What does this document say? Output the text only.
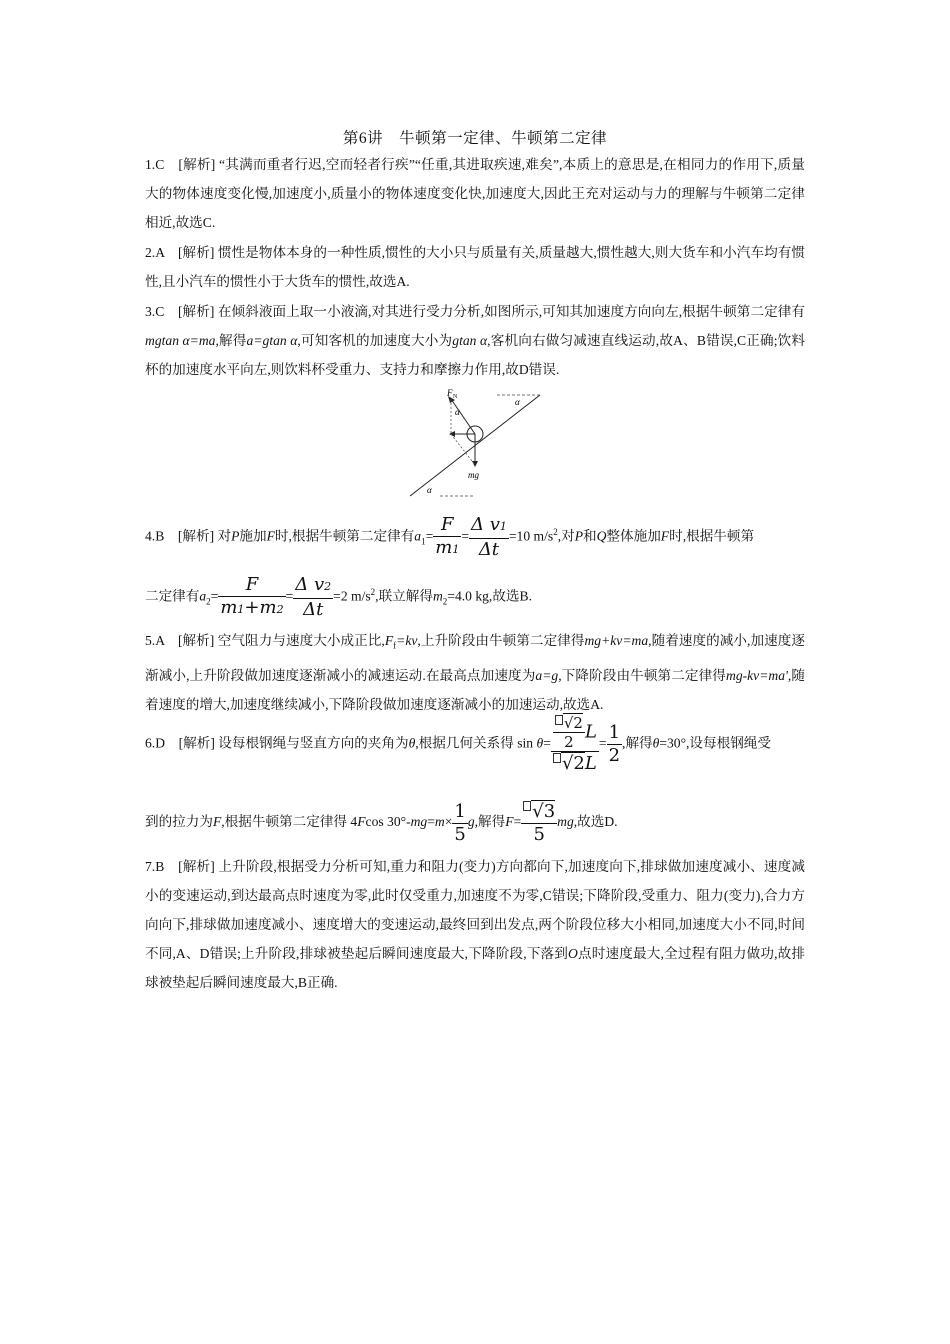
第6讲　牛顿第一定律、牛顿第二定律
1.C　[解析] “其满而重者行迟,空而轻者行疾”“任重,其进取疾速,难矣”,本质上的意思是,在相同力的作用下,质量大的物体速度变化慢,加速度小,质量小的物体速度变化快,加速度大,因此王充对运动与力的理解与牛顿第二定律相近,故选C.
2.A　[解析] 惯性是物体本身的一种性质,惯性的大小只与质量有关,质量越大,惯性越大,则大货车和小汽车均有惯性,且小汽车的惯性小于大货车的惯性,故选A.
3.C　[解析] 在倾斜液面上取一小液滴,对其进行受力分析,如图所示,可知其加速度方向向左,根据牛顿第二定律有mgtan α=ma,解得a=gtan α,可知客机的加速度大小为gtan α,客机向右做匀减速直线运动,故A、B错误,C正确;饮料杯的加速度水平向左,则饮料杯受重力、支持力和摩擦力作用,故D错误.
F N
α
α
α
mg
4.B　[解析] 对P施加F时,根据牛顿第二定律有$a_1= \frac{F}{m1} = \frac{\text{Δ v1}}{\Delta t} =10$ $m/s^2$,对P和Q整体施加F时,根据牛顿第
二定律有$a_2= \frac{F}{m1+m2} = \frac{\text{Δ v2}}{\Delta t} =2$ $m/s^2$,联立解得$m_2=4.0$ kg,故选B.
5.A　[解析] 空气阻力与速度大小成正比$,F_f=kv$,上升阶段由牛顿第二定律得mg+kv=ma,随着速度的减小,加速度逐渐减小,上升阶段做加速度逐渐减小的减速运动.在最高点加速度为a=g,下降阶段由牛顿第二定律得mg-kv=ma',随着速度的增大,加速度继续减小,下降阶段做加速度逐渐减小的加速运动,故选A.
6.D　[解析] 设每根钢绳与竖直方向的夹角为θ,根据几何关系得 $\sin \theta= \frac{\frac{√2}{2} L}{√2L} = \frac{1}{2}$ ,解得θ=30°,设每根钢绳受
到的拉力为F,根据牛顿第二定律得 4Fcos $30^\circ-mg=m\times \frac{1}{5} g$,解得$F= \frac{√3}{5}$ mg,故选D.
7.B　[解析] 上升阶段,根据受力分析可知,重力和阻力(变力)方向都向下,加速度向下,排球做加速度减小、速度减小的变速运动,到达最高点时速度为零,此时仅受重力,加速度不为零,C错误;下降阶段,受重力、阻力(变力),合力方向向下,排球做加速度减小、速度增大的变速运动,最终回到出发点,两个阶段位移大小相同,加速度大小不同,时间不同,A、D错误;上升阶段,排球被垫起后瞬间速度最大,下降阶段,下落到O点时速度最大,全过程有阻力做功,故排球被垫起后瞬间速度最大,B正确.
